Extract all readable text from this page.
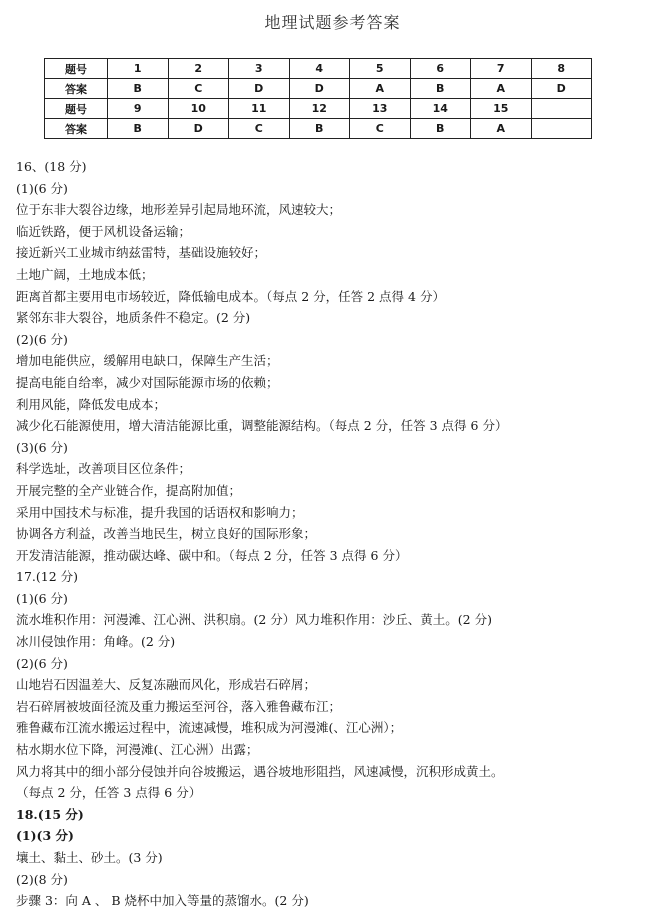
地理试题参考答案
题号	1	2	3	4	5	6	7	8
答案	B	C	D	D	A	B	A	D
题号	9	10	11	12	13	14	15	
答案	B	D	C	B	C	B	A	
16、(18 分)
(1)(6 分)
位于东非大裂谷边缘，地形差异引起局地环流，风速较大；
临近铁路，便于风机设备运输；
接近新兴工业城市纳兹雷特，基础设施较好；
土地广阔，土地成本低；
距离首都主要用电市场较近，降低输电成本。（每点 2 分，任答 2 点得 4 分）
紧邻东非大裂谷，地质条件不稳定。(2 分)
(2)(6 分)
增加电能供应，缓解用电缺口，保障生产生活；
提高电能自给率，减少对国际能源市场的依赖；
利用风能，降低发电成本；
减少化石能源使用，增大清洁能源比重，调整能源结构。（每点 2 分，任答 3 点得 6 分）
(3)(6 分)
科学选址，改善项目区位条件；
开展完整的全产业链合作，提高附加值；
采用中国技术与标准，提升我国的话语权和影响力；
协调各方利益，改善当地民生，树立良好的国际形象；
开发清洁能源，推动碳达峰、碳中和。（每点 2 分，任答 3 点得 6 分）
17.(12 分)
(1)(6 分)
流水堆积作用：河漫滩、江心洲、洪积扇。(2 分）风力堆积作用：沙丘、黄土。(2 分)
冰川侵蚀作用：角峰。(2 分)
(2)(6 分)
山地岩石因温差大、反复冻融而风化，形成岩石碎屑；
岩石碎屑被坡面径流及重力搬运至河谷，落入雅鲁藏布江；
雅鲁藏布江流水搬运过程中，流速减慢，堆积成为河漫滩(、江心洲）；
枯水期水位下降，河漫滩(、江心洲）出露；
风力将其中的细小部分侵蚀并向谷坡搬运，遇谷坡地形阻挡，风速减慢，沉积形成黄土。
（每点 2 分，任答 3 点得 6 分）
18.(15 分)
(1)(3 分)
壤土、黏土、砂土。(3 分)
(2)(8 分)
步骤 3：向 A 、 B 烧杯中加入等量的蒸馏水。(2 分)
